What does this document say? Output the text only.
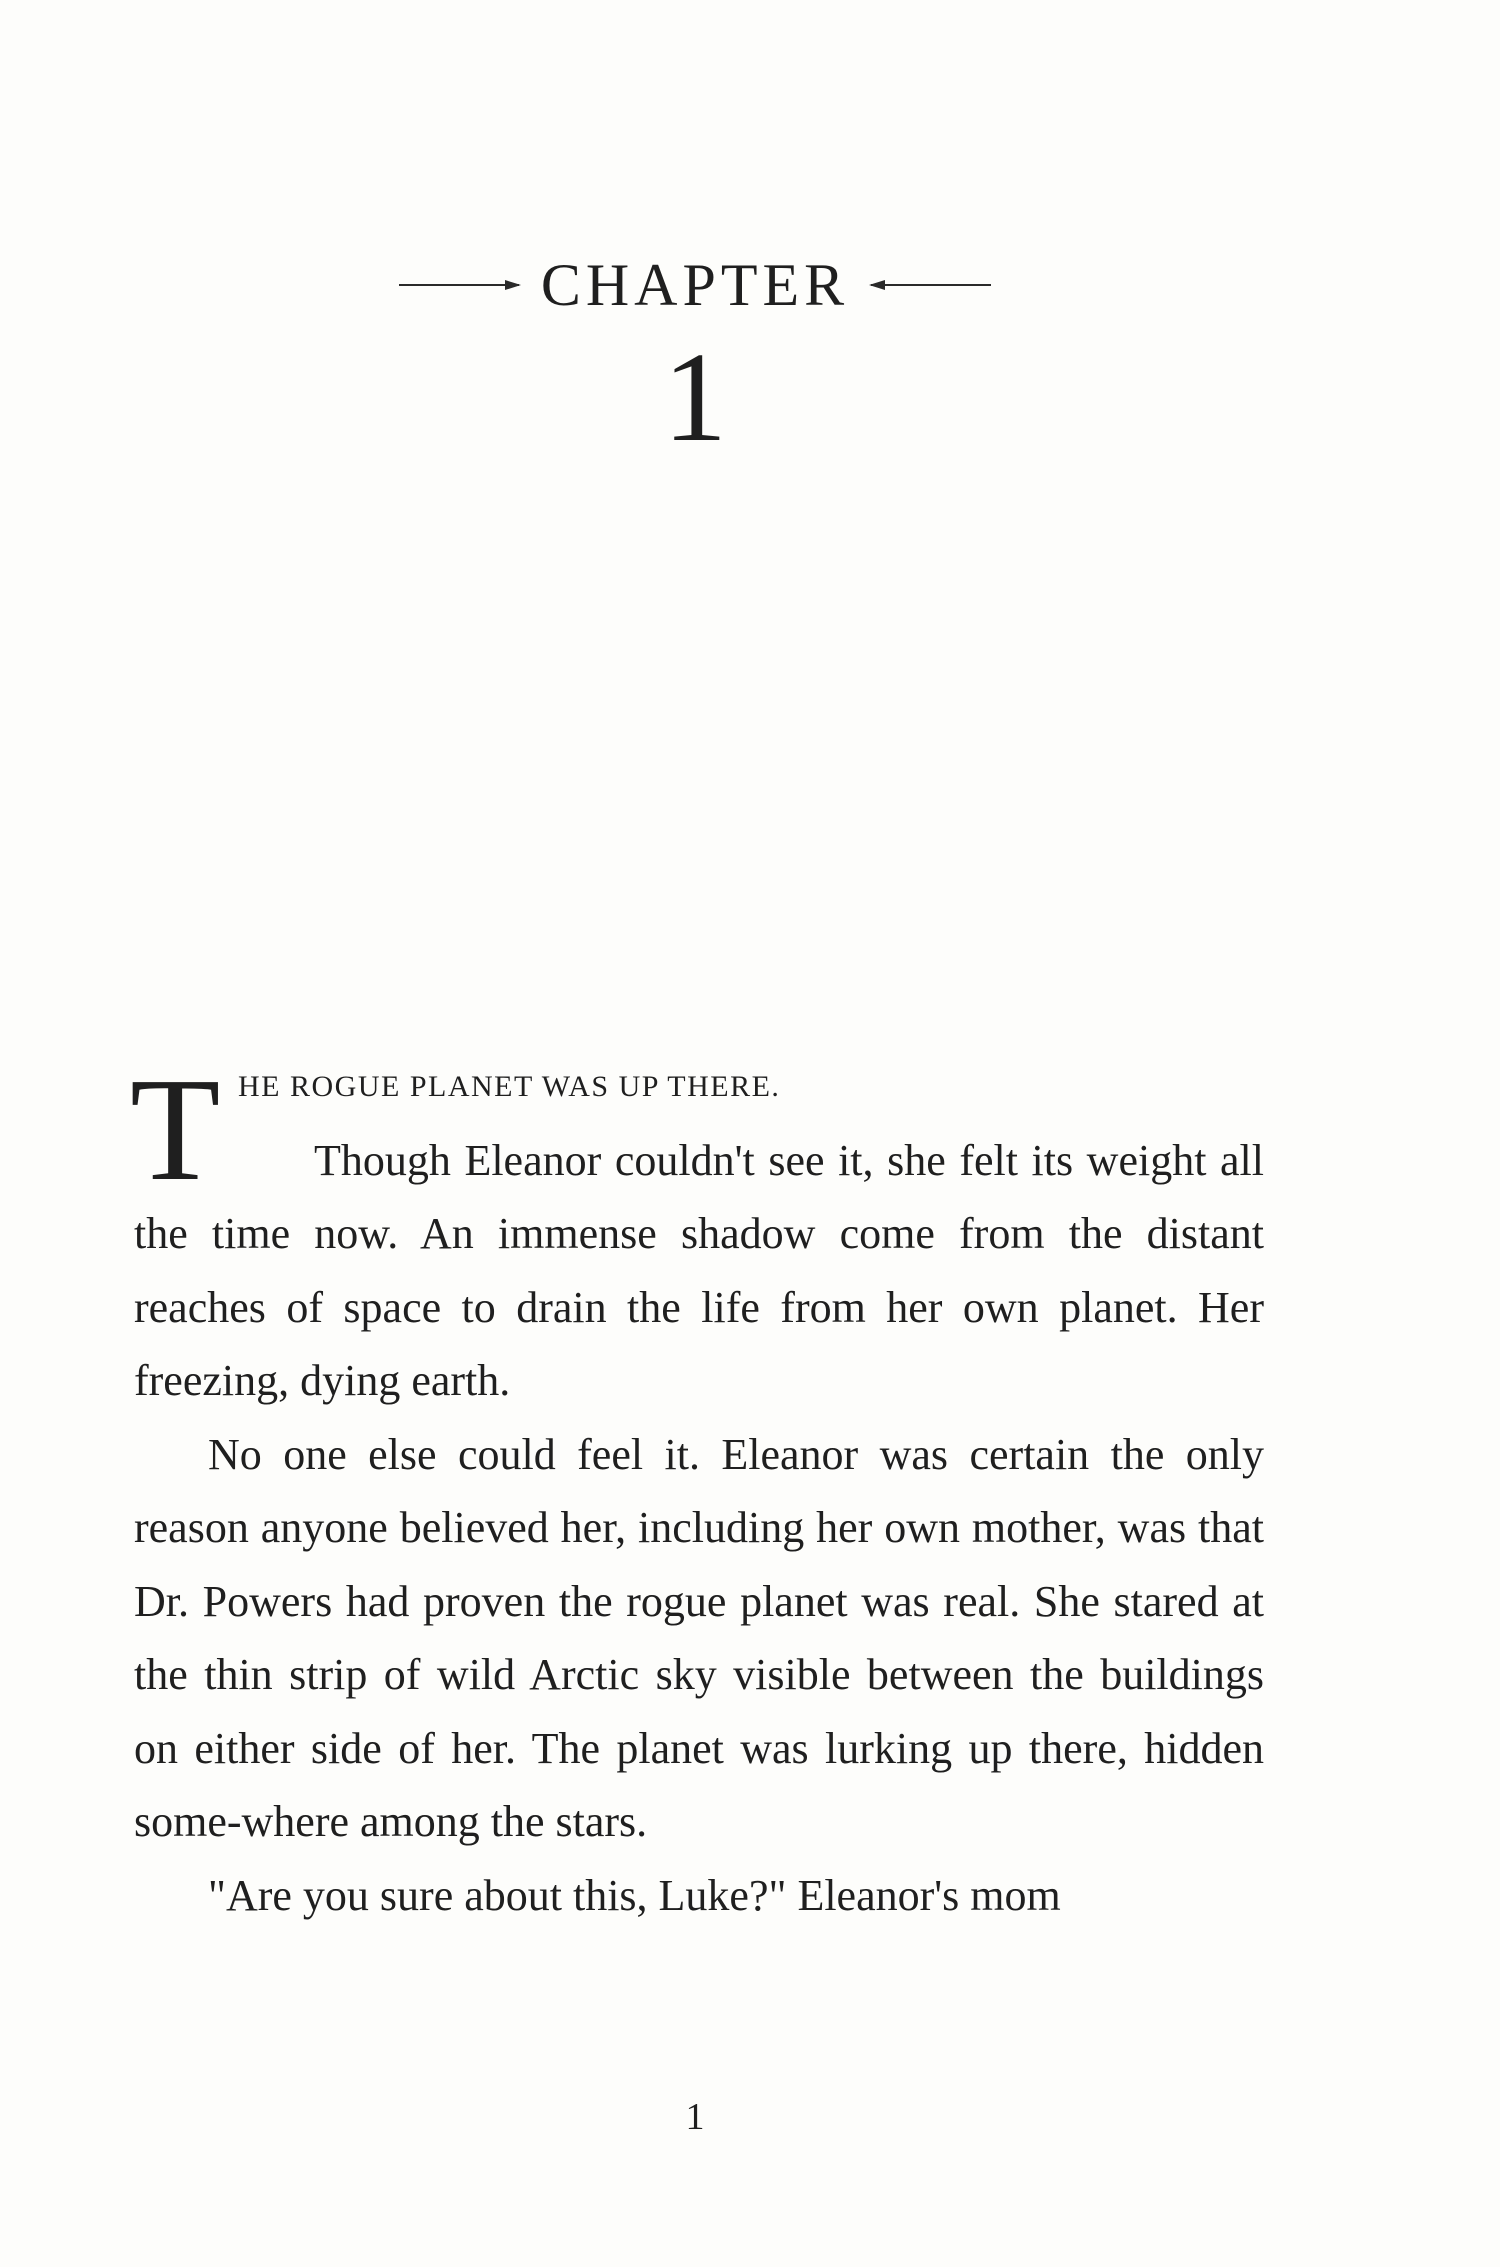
CHAPTER
1
T HE ROGUE PLANET WAS UP THERE.

Though Eleanor couldn't see it, she felt its weight all the time now. An immense shadow come from the distant reaches of space to drain the life from her own planet. Her freezing, dying earth.

No one else could feel it. Eleanor was certain the only reason anyone believed her, including her own mother, was that Dr. Powers had proven the rogue planet was real. She stared at the thin strip of wild Arctic sky visible between the buildings on either side of her. The planet was lurking up there, hidden some-where among the stars.

"Are you sure about this, Luke?" Eleanor's mom

1
